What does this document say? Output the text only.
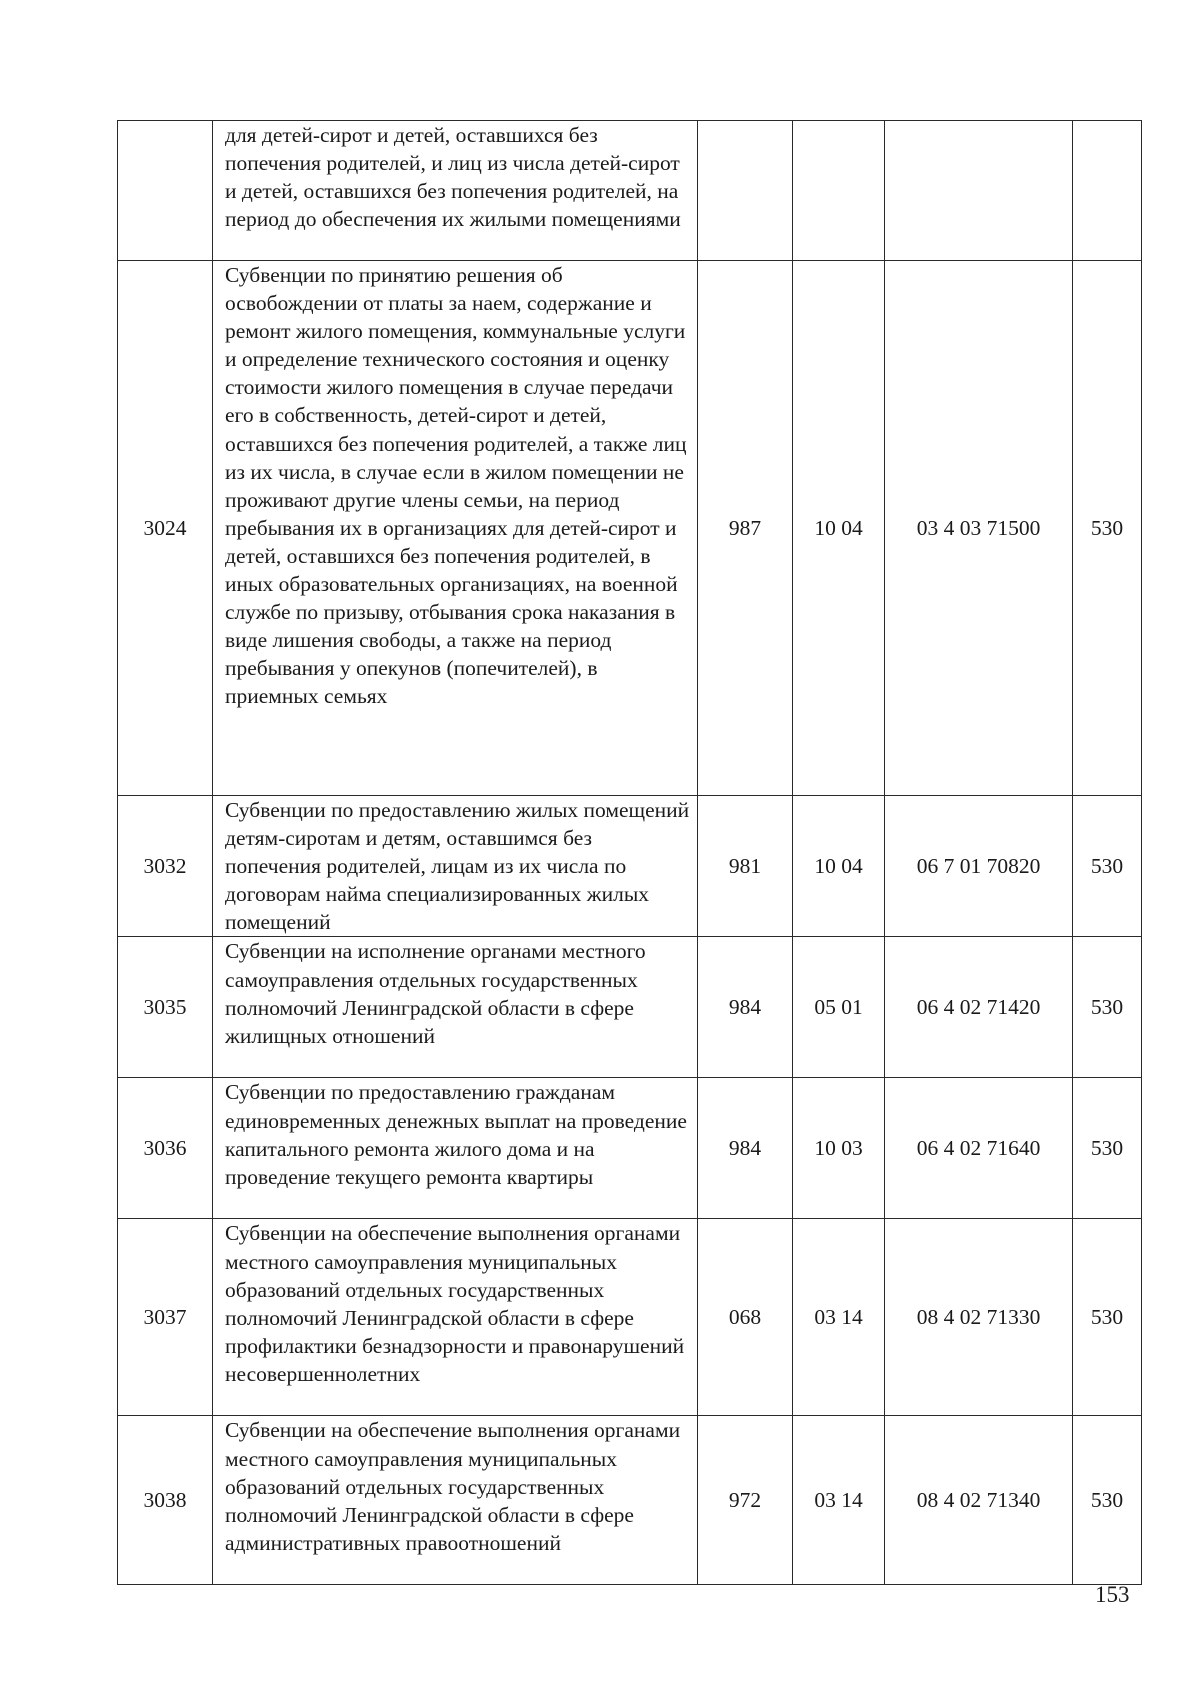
	для детей-сирот и детей, оставшихся без попечения родителей, и лиц из числа детей-сирот и детей, оставшихся без попечения родителей, на период до обеспечения их жилыми помещениями				

3024	Субвенции по принятию решения об освобождении от платы за наем, содержание и ремонт жилого помещения, коммунальные услуги и определение технического состояния и оценку стоимости жилого помещения в случае передачи его в собственность, детей-сирот и детей, оставшихся без попечения родителей, а также лиц из их числа, в случае если в жилом помещении не проживают другие члены семьи, на период пребывания их в организациях для детей-сирот и детей, оставшихся без попечения родителей, в иных образовательных организациях, на военной службе по призыву, отбывания срока наказания в виде лишения свободы, а также на период пребывания у опекунов (попечителей), в приемных семьях	987	10 04	03 4 03 71500	530
3032	Субвенции по предоставлению жилых помещений детям-сиротам и детям, оставшимся без попечения родителей, лицам из их числа по договорам найма специализированных жилых помещений	981	10 04	06 7 01 70820	530
3035	Субвенции на исполнение органами местного самоуправления отдельных государственных полномочий Ленинградской области в сфере жилищных отношений	984	05 01	06 4 02 71420	530
3036	Субвенции по предоставлению гражданам единовременных денежных выплат на проведение капитального ремонта жилого дома и на проведение текущего ремонта квартиры	984	10 03	06 4 02 71640	530
3037	Субвенции на обеспечение выполнения органами местного самоуправления муниципальных образований отдельных государственных полномочий Ленинградской области в сфере профилактики безнадзорности и правонарушений несовершеннолетних	068	03 14	08 4 02 71330	530
3038	Субвенции на обеспечение выполнения органами местного самоуправления муниципальных образований отдельных государственных полномочий Ленинградской области в сфере административных правоотношений	972	03 14	08 4 02 71340	530
153
